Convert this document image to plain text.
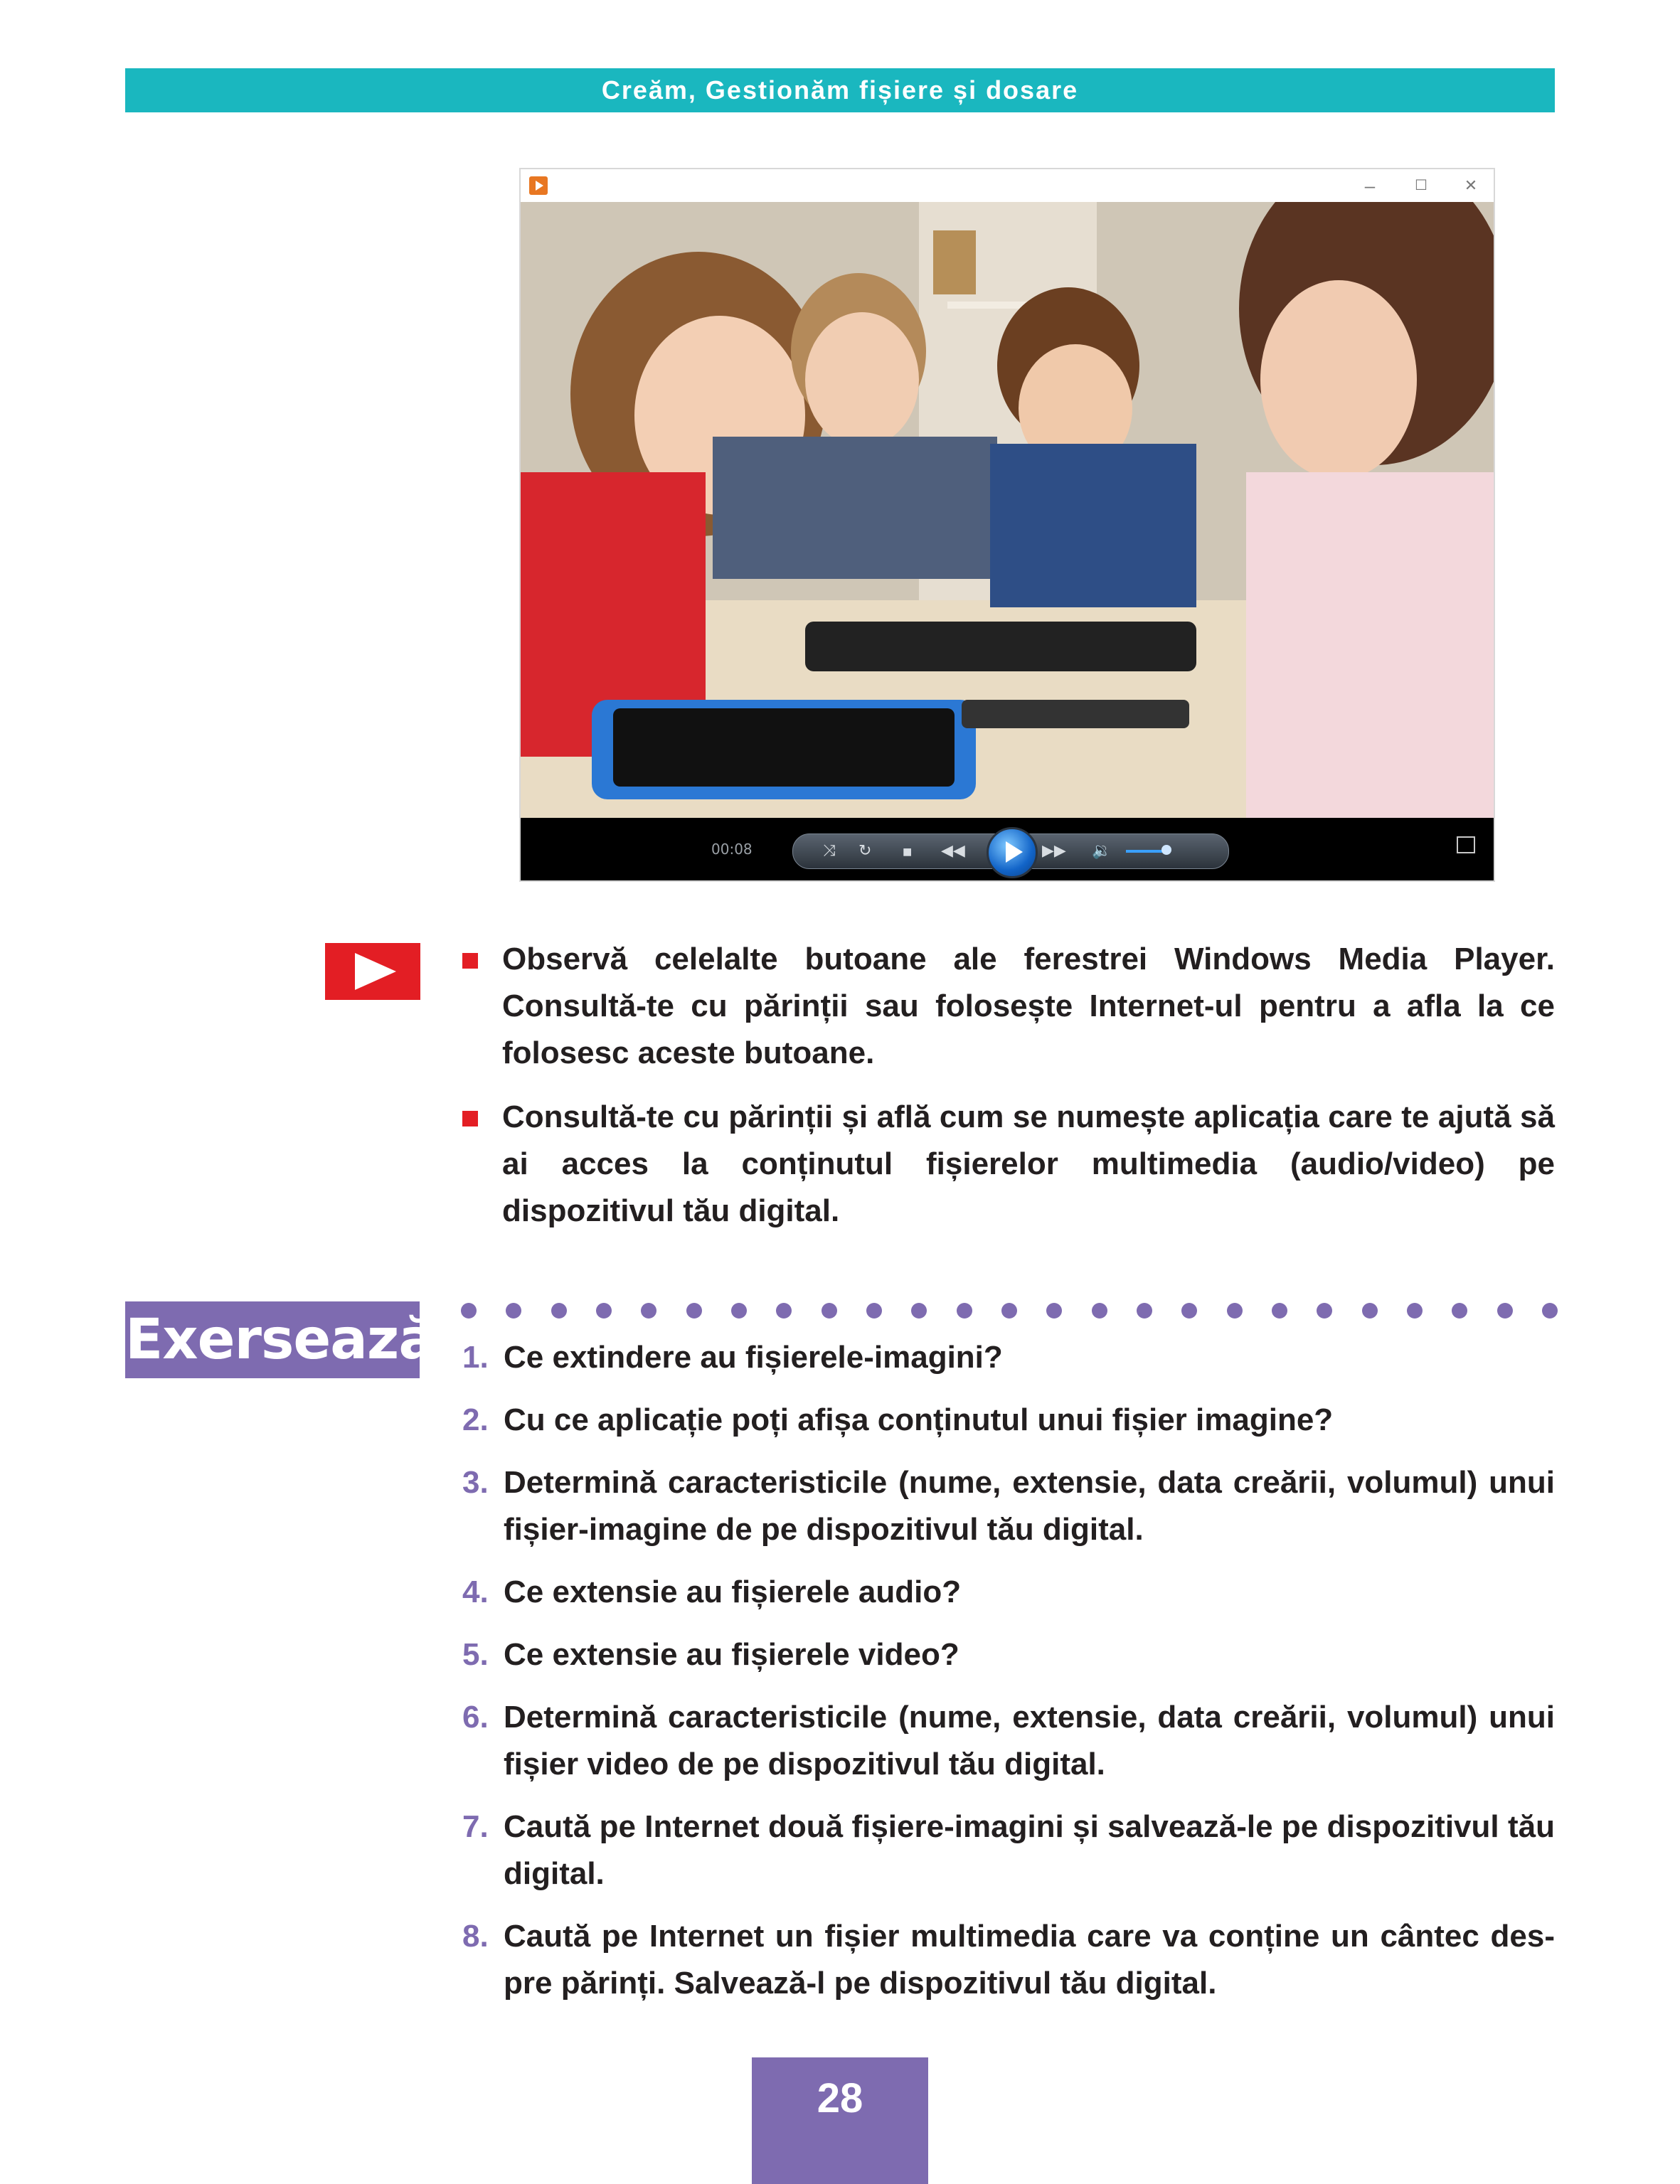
Creăm, Gestionăm fișiere și dosare
–	☐	✕
00:08	⤨ ↻ ■ ◀◀	▶▶ 🔉
Observă celelalte butoane ale ferestrei Windows Media Player. Consultă-te cu părinții sau folosește Internet-ul pentru a afla la ce folosesc aceste butoane.
Consultă-te cu părinții și află cum se numește aplicația care te ajută să ai acces la conținutul fișierelor multimedia (audio/video) pe dispozitivul tău digital.
Exersează! 1. Ce extindere au fișierele-imagini?
2. Cu ce aplicație poți afișa conținutul unui fișier imagine?
3. Determină caracteristicile (nume, extensie, data creării, volumul) unui fișier-imagine de pe dispozitivul tău digital.
4. Ce extensie au fișierele audio?
5. Ce extensie au fișierele video?
6. Determină caracteristicile (nume, extensie, data creării, volumul) unui fișier video de pe dispozitivul tău digital.
7. Caută pe Internet două fișiere-imagini și salvează-le pe dispozitivul tău digital.
8. Caută pe Internet un fișier multimedia care va conține un cântec des-pre părinți. Salvează-l pe dispozitivul tău digital.
28
